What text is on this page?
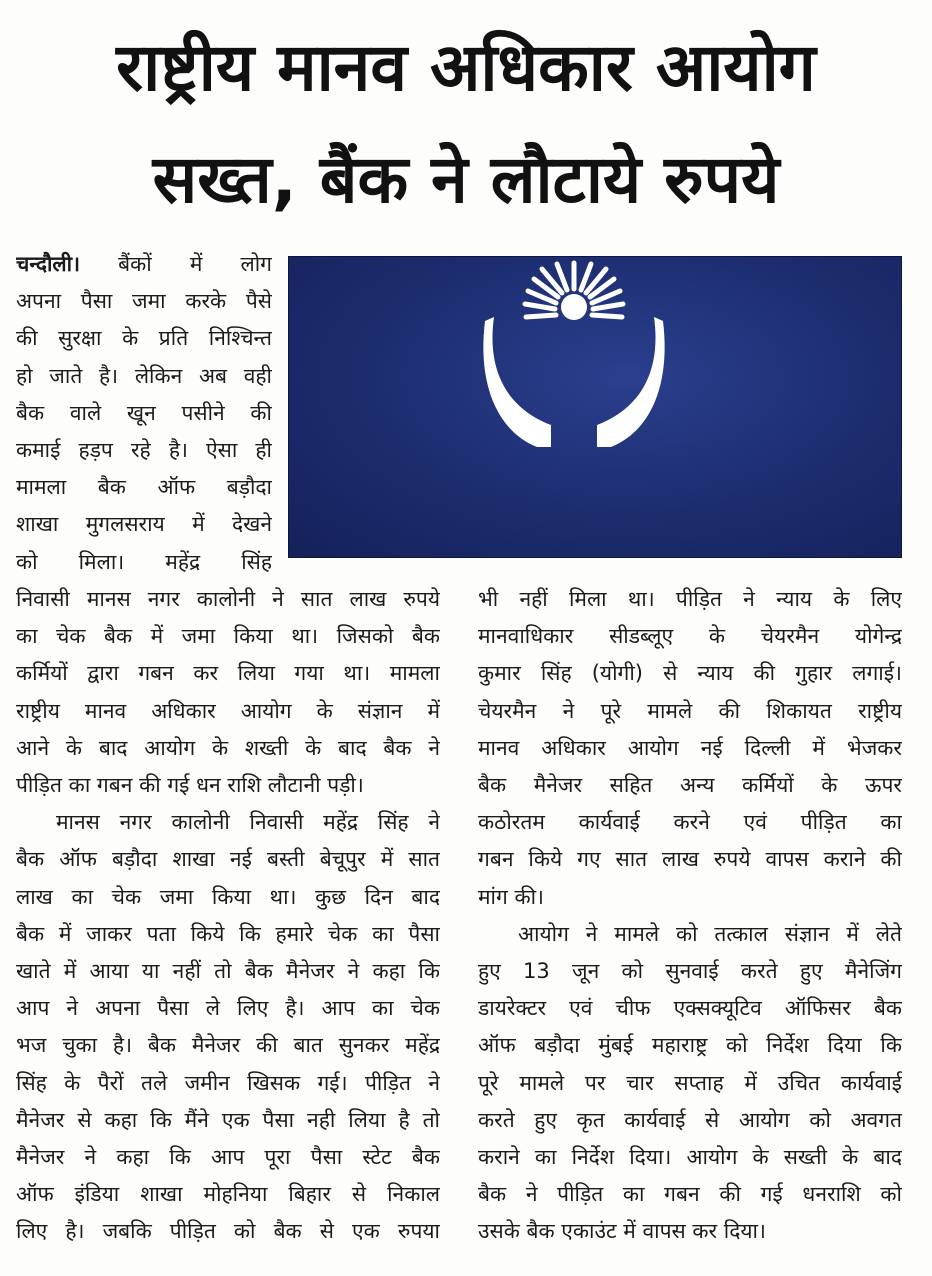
राष्ट्रीय मानव अधिकार आयोग
सख्त, बैंक ने लौटाये रुपये
चन्दौली। बैंकों में लोग
अपना पैसा जमा करके पैसे
की सुरक्षा के प्रति निश्चिन्त
हो जाते है। लेकिन अब वही
बैक वाले खून पसीने की
कमाई हड़प रहे है। ऐसा ही
मामला बैक ऑफ बड़ौदा
शाखा मुगलसराय में देखने
को मिला। महेंद्र सिंह
निवासी मानस नगर कालोनी ने सात लाख रुपये
का चेक बैक में जमा किया था। जिसको बैक
कर्मियों द्वारा गबन कर लिया गया था। मामला
राष्ट्रीय मानव अधिकार आयोग के संज्ञान में
आने के बाद आयोग के शख्ती के बाद बैक ने
पीड़ित का गबन की गई धन राशि लौटानी पड़ी।
मानस नगर कालोनी निवासी महेंद्र सिंह ने
बैक ऑफ बड़ौदा शाखा नई बस्ती बेचूपुर में सात
लाख का चेक जमा किया था। कुछ दिन बाद
बैक में जाकर पता किये कि हमारे चेक का पैसा
खाते में आया या नहीं तो बैक मैनेजर ने कहा कि
आप ने अपना पैसा ले लिए है। आप का चेक
भज चुका है। बैक मैनेजर की बात सुनकर महेंद्र
सिंह के पैरों तले जमीन खिसक गई। पीड़ित ने
मैनेजर से कहा कि मैंने एक पैसा नही लिया है तो
मैनेजर ने कहा कि आप पूरा पैसा स्टेट बैक
ऑफ इंडिया शाखा मोहनिया बिहार से निकाल
लिए है। जबकि पीड़ित को बैक से एक रुपया
भी नहीं मिला था। पीड़ित ने न्याय के लिए
मानवाधिकार सीडब्लूए के चेयरमैन योगेन्द्र
कुमार सिंह (योगी) से न्याय की गुहार लगाई।
चेयरमैन ने पूरे मामले की शिकायत राष्ट्रीय
मानव अधिकार आयोग नई दिल्ली में भेजकर
बैक मैनेजर सहित अन्य कर्मियों के ऊपर
कठोरतम कार्यवाई करने एवं पीड़ित का
गबन किये गए सात लाख रुपये वापस कराने की
मांग की।
आयोग ने मामले को तत्काल संज्ञान में लेते
हुए 13 जून को सुनवाई करते हुए मैनेजिंग
डायरेक्टर एवं चीफ एक्सक्यूटिव ऑफिसर बैक
ऑफ बड़ौदा मुंबई महाराष्ट्र को निर्देश दिया कि
पूरे मामले पर चार सप्ताह में उचित कार्यवाई
करते हुए कृत कार्यवाई से आयोग को अवगत
कराने का निर्देश दिया। आयोग के सख्ती के बाद
बैक ने पीड़ित का गबन की गई धनराशि को
उसके बैक एकाउंट में वापस कर दिया।
